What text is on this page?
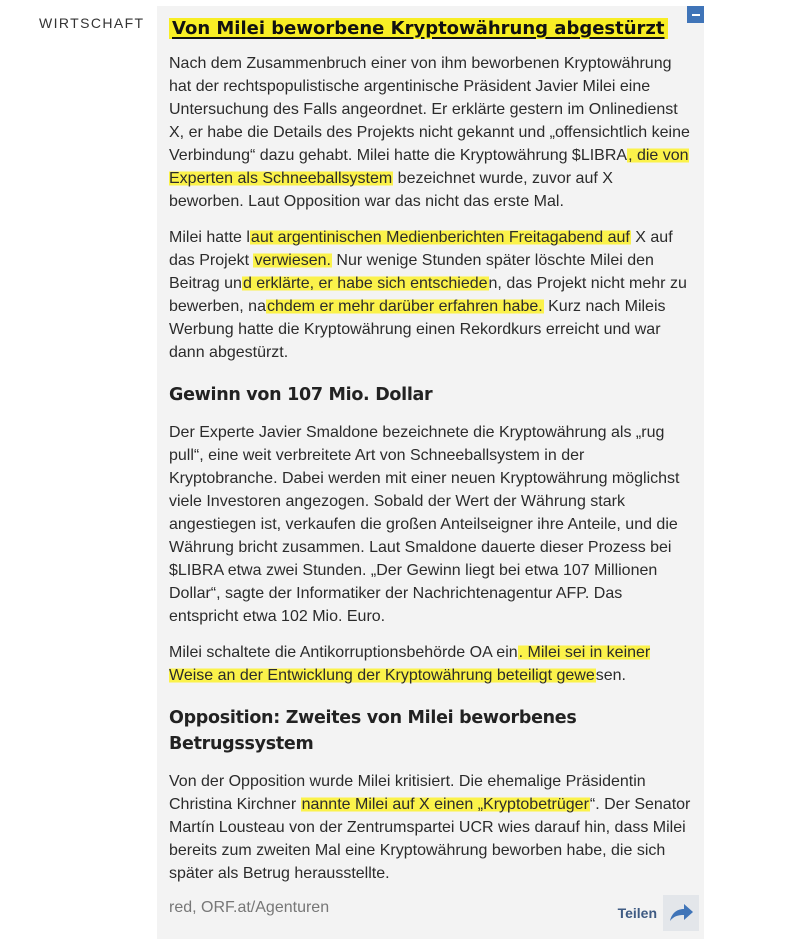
WIRTSCHAFT Von Milei beworbene Kryptowährung abgestürzt

Nach dem Zusammenbruch einer von ihm beworbenen Kryptowährung hat der rechtspopulistische argentinische Präsident Javier Milei eine Untersuchung des Falls angeordnet. Er erklärte gestern im Onlinedienst X, er habe die Details des Projekts nicht gekannt und „offensichtlich keine Verbindung“ dazu gehabt. Milei hatte die Kryptowährung $LIBRA, die von Experten als Schneeballsystem bezeichnet wurde, zuvor auf X beworben. Laut Opposition war das nicht das erste Mal.

Milei hatte laut argentinischen Medienberichten Freitagabend auf X auf das Projekt verwiesen. Nur wenige Stunden später löschte Milei den Beitrag und erklärte, er habe sich entschieden, das Projekt nicht mehr zu bewerben, nachdem er mehr darüber erfahren habe. Kurz nach Mileis Werbung hatte die Kryptowährung einen Rekordkurs erreicht und war dann abgestürzt.

Gewinn von 107 Mio. Dollar

Der Experte Javier Smaldone bezeichnete die Kryptowährung als „rug pull“, eine weit verbreitete Art von Schneeballsystem in der Kryptobranche. Dabei werden mit einer neuen Kryptowährung möglichst viele Investoren angezogen. Sobald der Wert der Währung stark angestiegen ist, verkaufen die großen Anteilseigner ihre Anteile, und die Währung bricht zusammen. Laut Smaldone dauerte dieser Prozess bei $LIBRA etwa zwei Stunden. „Der Gewinn liegt bei etwa 107 Millionen Dollar“, sagte der Informatiker der Nachrichtenagentur AFP. Das entspricht etwa 102 Mio. Euro.

Milei schaltete die Antikorruptionsbehörde OA ein. Milei sei in keiner Weise an der Entwicklung der Kryptowährung beteiligt gewesen.

Opposition: Zweites von Milei beworbenes Betrugssystem

Von der Opposition wurde Milei kritisiert. Die ehemalige Präsidentin Christina Kirchner nannte Milei auf X einen „Kryptobetrüger“. Der Senator Martín Lousteau von der Zentrumspartei UCR wies darauf hin, dass Milei bereits zum zweiten Mal eine Kryptowährung beworben habe, die sich später als Betrug herausstellte.

red, ORF.at/Agenturen	Teilen
